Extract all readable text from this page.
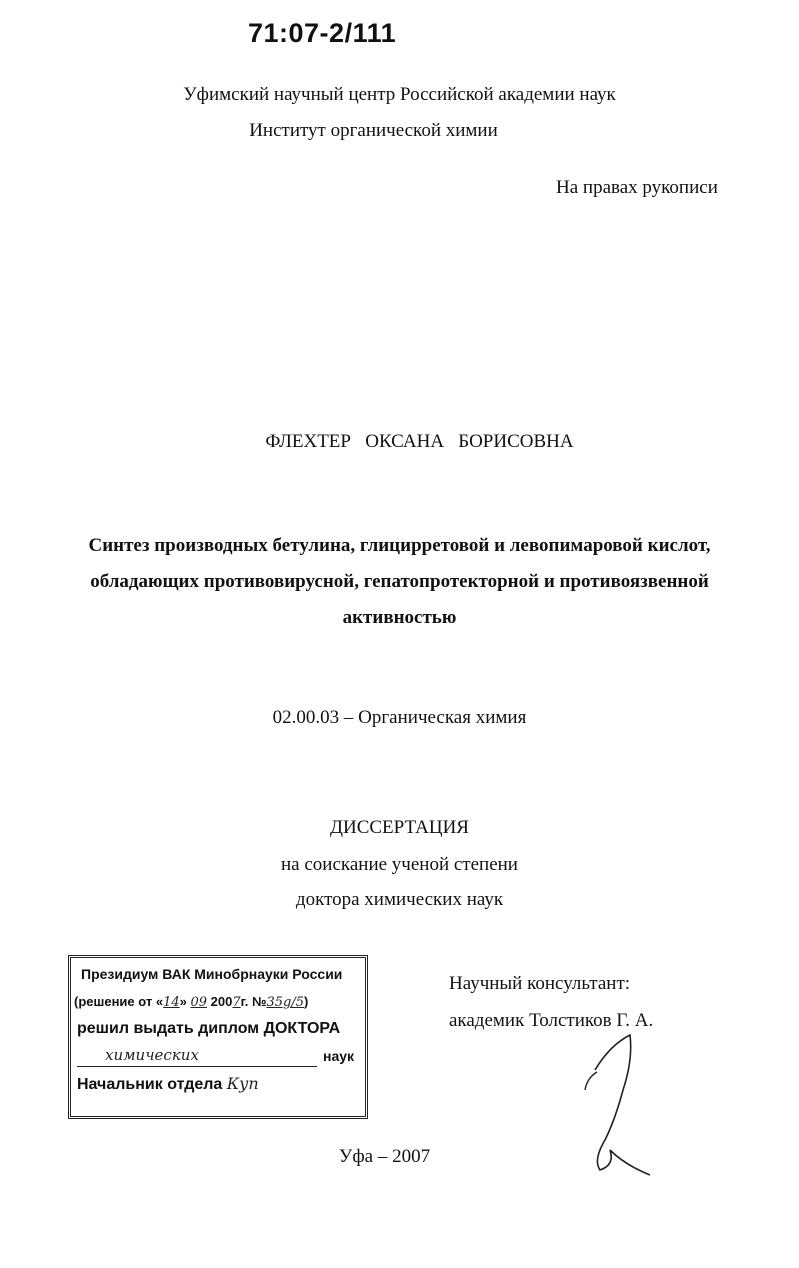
71:07-2/111
Уфимский научный центр Российской академии наук
Институт органической химии
На правах рукописи
ФЛЕХТЕР   ОКСАНА   БОРИСОВНА
Синтез производных бетулина, глицирретовой и левопимаровой кислот,
обладающих противовирусной, гепатопротекторной и противоязвенной
активностью
02.00.03 – Органическая химия
ДИССЕРТАЦИЯ
на соискание ученой степени
доктора химических наук
Президиум ВАК Минобрнауки России
(решение от «14» 09 2007г. №35g/5)
решил выдать диплом ДОКТОРА
химических	наук
Начальник отдела Куп
Научный консультант:
академик Толстиков Г. А.
Уфа – 2007
